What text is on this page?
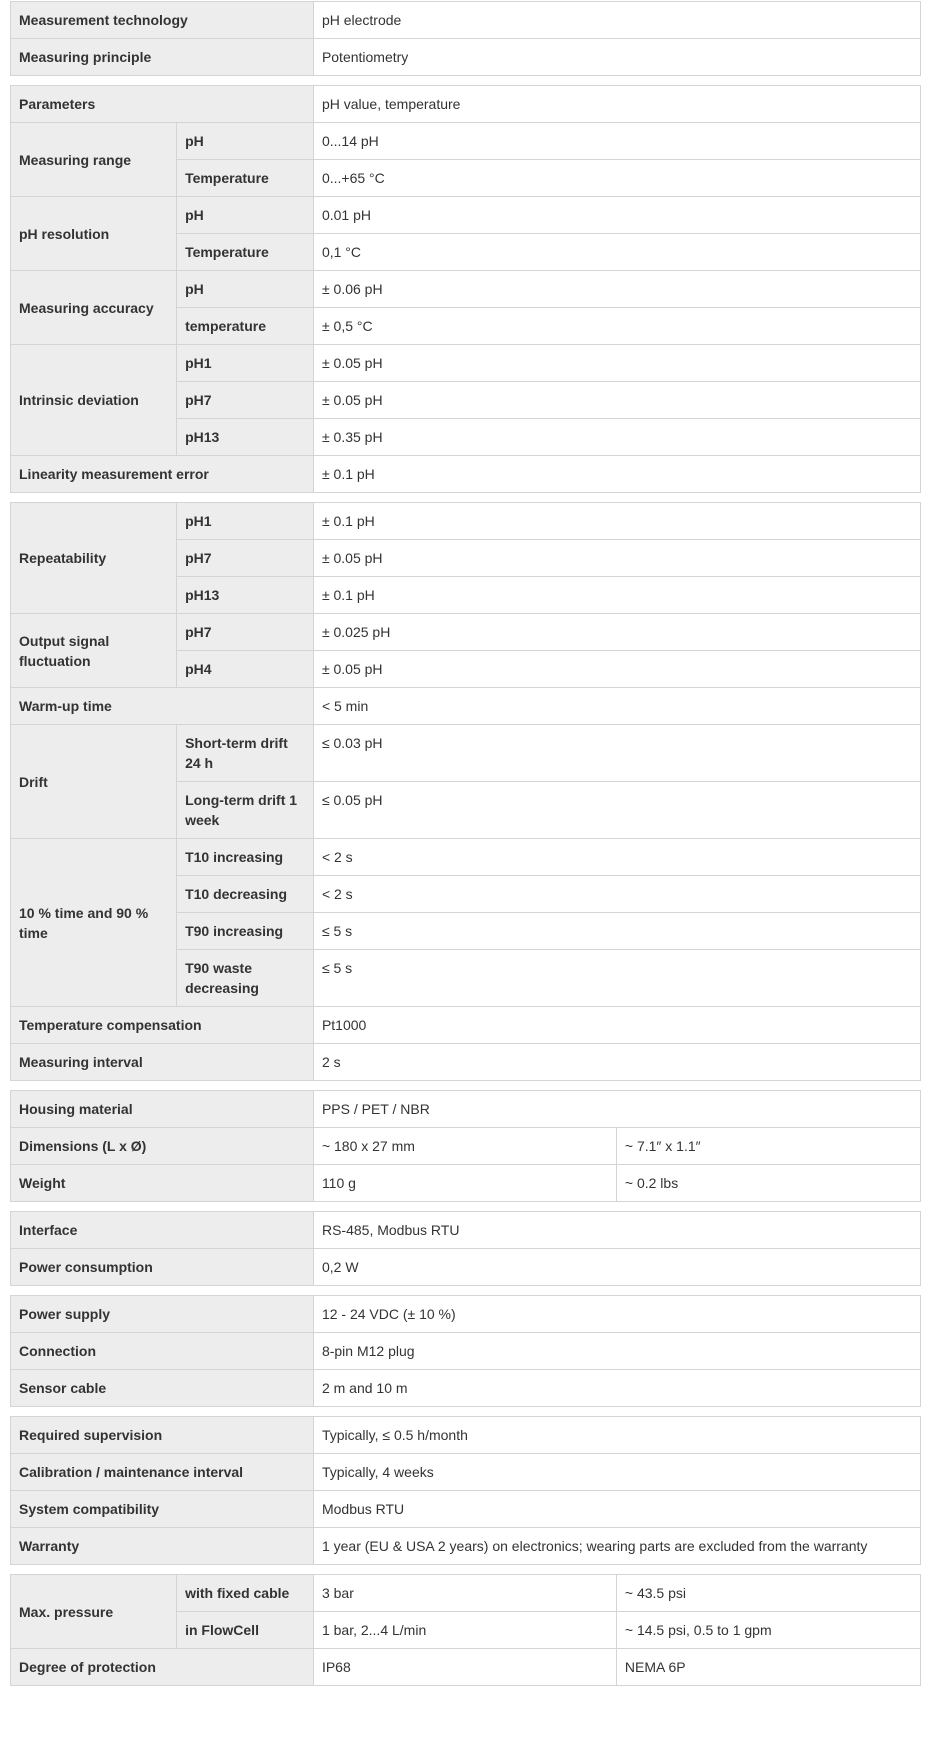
Measurement technology	pH electrode
Measuring principle	Potentiometry
Parameters		pH value, temperature
Measuring range	pH	0...14 pH
	Temperature	0...+65 °C
pH resolution	pH	0.01 pH
	Temperature	0,1 °C
Measuring accuracy	pH	± 0.06 pH
	temperature	± 0,5 °C
Intrinsic deviation	pH1	± 0.05 pH
	pH7	± 0.05 pH
	pH13	± 0.35 pH
Linearity measurement error		± 0.1 pH
Repeatability	pH1	± 0.1 pH
	pH7	± 0.05 pH
	pH13	± 0.1 pH
Output signal fluctuation	pH7	± 0.025 pH
	pH4	± 0.05 pH
Warm-up time		< 5 min
Drift	Short-term drift 24 h	≤ 0.03 pH
	Long-term drift 1 week	≤ 0.05 pH
10 % time and 90 % time	T10 increasing	< 2 s
	T10 decreasing	< 2 s
	T90 increasing	≤ 5 s
	T90 waste decreasing	≤ 5 s
Temperature compensation		Pt1000
Measuring interval		2 s
Housing material	PPS / PET / NBR	
Dimensions (L x Ø)	~ 180 x 27 mm	~ 7.1″ x 1.1″
Weight	110 g	~ 0.2 lbs
Interface	RS-485, Modbus RTU
Power consumption	0,2 W
Power supply	12 - 24 VDC (± 10 %)
Connection	8-pin M12 plug
Sensor cable	2 m and 10 m
Required supervision	Typically, ≤ 0.5 h/month
Calibration / maintenance interval	Typically, 4 weeks
System compatibility	Modbus RTU
Warranty	1 year (EU & USA 2 years) on electronics; wearing parts are excluded from the warranty
Max. pressure	with fixed cable	3 bar	~ 43.5 psi
	in FlowCell	1 bar, 2...4 L/min	~ 14.5 psi, 0.5 to 1 gpm
Degree of protection		IP68	NEMA 6P
